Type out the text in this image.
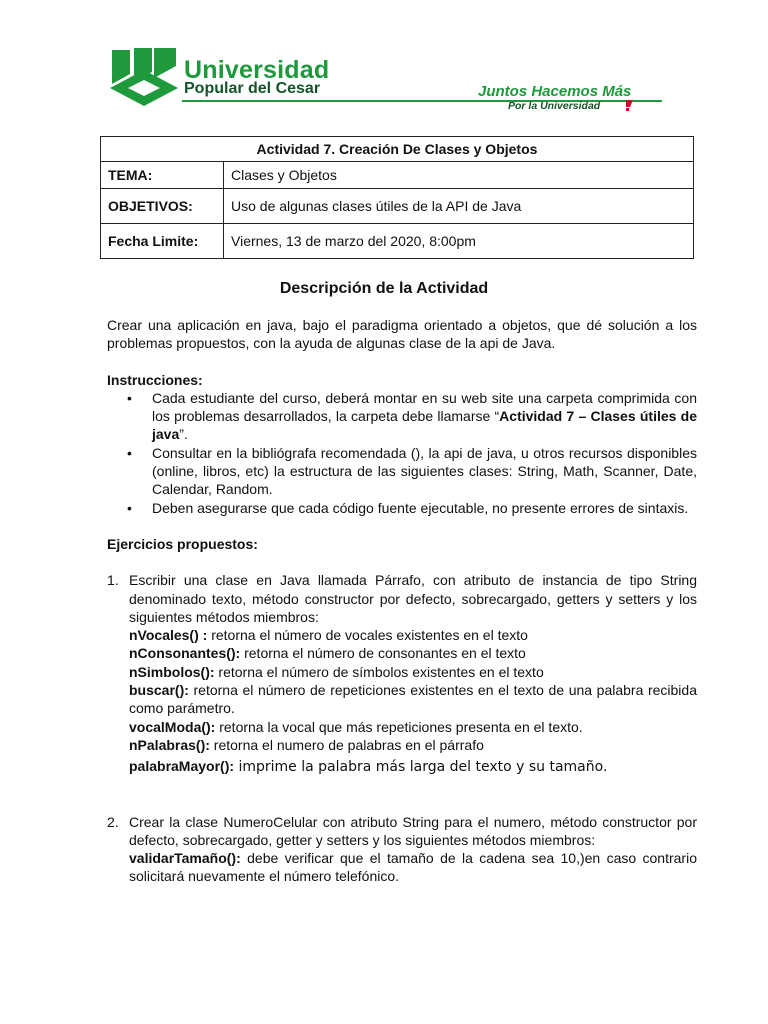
Universidad
Popular del Cesar	Juntos Hacemos Más
Por la Universidad
Actividad 7. Creación De Clases y Objetos	
TEMA:	Clases y Objetos
OBJETIVOS:	Uso de algunas clases útiles de la API de Java
Fecha Limite:	Viernes, 13 de marzo del 2020, 8:00pm
Descripción de la Actividad

Crear una aplicación en java, bajo el paradigma orientado a objetos, que dé solución a los problemas propuestos, con la ayuda de algunas clase de la api de Java.

Instrucciones:

• Cada estudiante del curso, deberá montar en su web site una carpeta comprimida con los problemas desarrollados, la carpeta debe llamarse “Actividad 7 – Clases útiles de java”.
• Consultar en la bibliógrafa recomendada (), la api de java, u otros recursos disponibles (online, libros, etc) la estructura de las siguientes clases: String, Math, Scanner, Date, Calendar, Random.
• Deben asegurarse que cada código fuente ejecutable, no presente errores de sintaxis.

Ejercicios propuestos:

1. Escribir una clase en Java llamada Párrafo, con atributo de instancia de tipo String denominado texto, método constructor por defecto, sobrecargado, getters y setters y los siguientes métodos miembros:

nVocales() : retorna el número de vocales existentes en el texto
nConsonantes(): retorna el número de consonantes en el texto
nSimbolos(): retorna el número de símbolos existentes en el texto
buscar(): retorna el número de repeticiones existentes en el texto de una palabra recibida como parámetro.
vocalModa(): retorna la vocal que más repeticiones presenta en el texto.
nPalabras(): retorna el numero de palabras en el párrafo
palabraMayor(): imprime la palabra más larga del texto y su tamaño.
2. Crear la clase NumeroCelular con atributo String para el numero, método constructor por defecto, sobrecargado, getter y setters y los siguientes métodos miembros:

validarTamaño(): debe verificar que el tamaño de la cadena sea 10,)en caso contrario solicitará nuevamente el número telefónico.
